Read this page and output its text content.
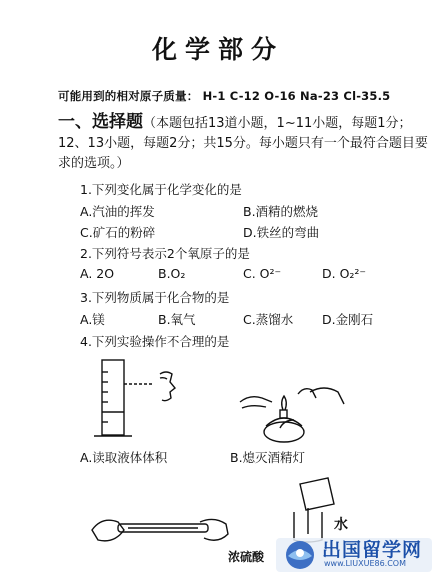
化学部分
可能用到的相对原子质量： H-1 C-12 O-16 Na-23 Cl-35.5
一、选择题（本题包括13道小题，1~11小题，每题1分；12、13小题，每题2分；共15分。每小题只有一个最符合题目要求的选项。）
1.下列变化属于化学变化的是
A.汽油的挥发	B.酒精的燃烧
C.矿石的粉碎	D.铁丝的弯曲
2.下列符号表示2个氧原子的是
A. 2O	B.O₂	C. O²⁻	D. O₂²⁻
3.下列物质属于化合物的是
A.镁	B.氧气	C.蒸馏水 D.金刚石
4.下列实验操作不合理的是
A.读取液体体积	B.熄灭酒精灯
水
浓硫酸	出国留学网
www.LIUXUE86.COM
